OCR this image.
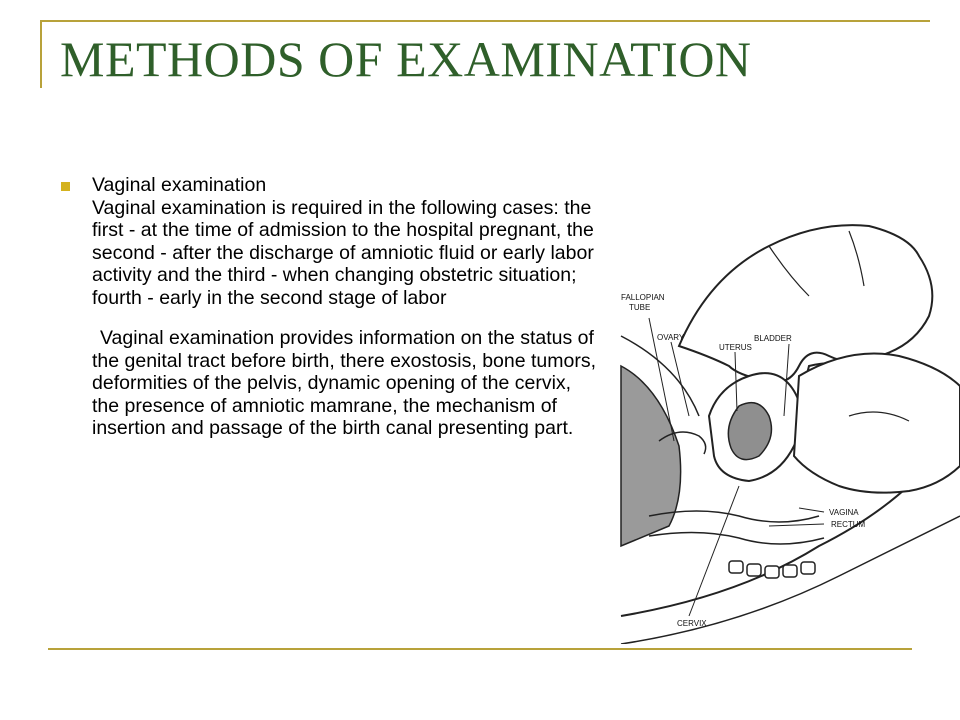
METHODS OF EXAMINATION

Vaginal examination

Vaginal examination is required in the following cases: the first - at the time of admission to the hospital pregnant, the second - after the discharge of amniotic fluid or early labor activity and the third - when changing obstetric situation; fourth - early in the second stage of labor

Vaginal examination provides information on the status of the genital tract before birth, there exostosis, bone tumors, deformities of the pelvis, dynamic opening of the cervix, the presence of amniotic mamrane, the mechanism of insertion and passage of the birth canal presenting part.

FALLOPIAN
TUBE
OVARY
UTERUS
BLADDER
VAGINA
RECTUM
CERVIX
